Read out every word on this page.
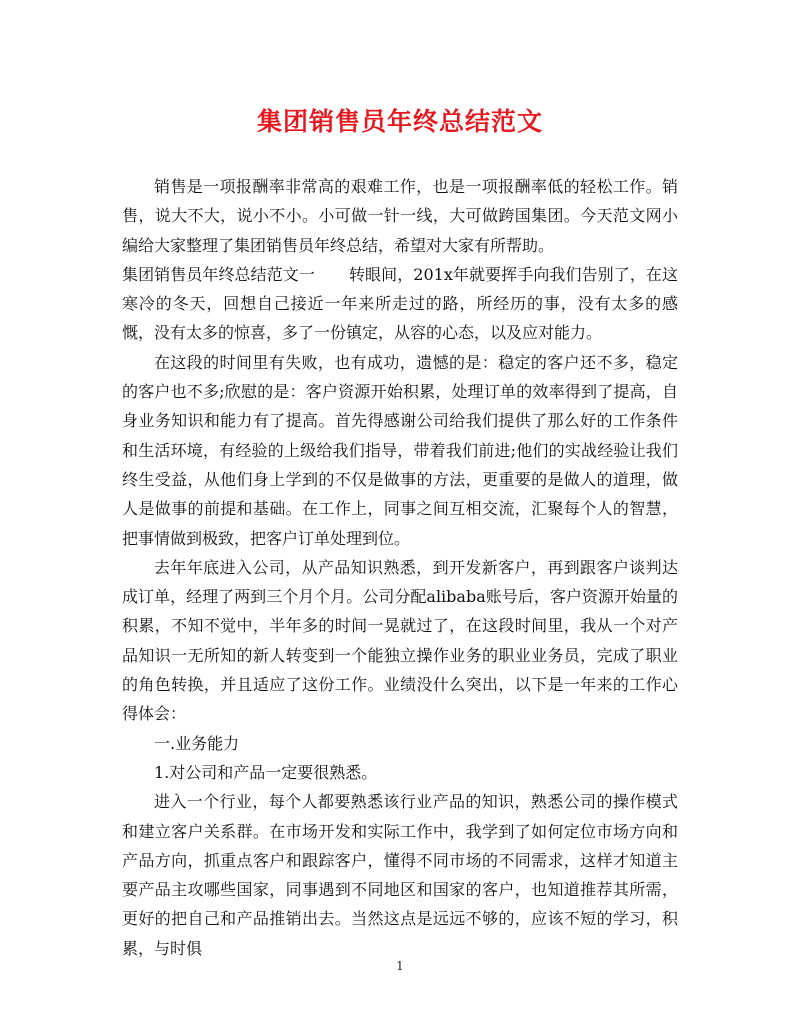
集团销售员年终总结范文

销售是一项报酬率非常高的艰难工作，也是一项报酬率低的轻松工作。销售，说大不大，说小不小。小可做一针一线，大可做跨国集团。今天范文网小编给大家整理了集团销售员年终总结，希望对大家有所帮助。

集团销售员年终总结范文一 转眼间，201x年就要挥手向我们告别了，在这寒冷的冬天，回想自己接近一年来所走过的路，所经历的事，没有太多的感慨，没有太多的惊喜，多了一份镇定，从容的心态，以及应对能力。

在这段的时间里有失败，也有成功，遗憾的是：稳定的客户还不多，稳定的客户也不多;欣慰的是：客户资源开始积累，处理订单的效率得到了提高，自身业务知识和能力有了提高。首先得感谢公司给我们提供了那么好的工作条件和生活环境，有经验的上级给我们指导，带着我们前进;他们的实战经验让我们终生受益，从他们身上学到的不仅是做事的方法，更重要的是做人的道理，做人是做事的前提和基础。在工作上，同事之间互相交流，汇聚每个人的智慧，把事情做到极致，把客户订单处理到位。

去年年底进入公司，从产品知识熟悉，到开发新客户，再到跟客户谈判达成订单，经理了两到三个月个月。公司分配alibaba账号后，客户资源开始量的积累，不知不觉中，半年多的时间一晃就过了，在这段时间里，我从一个对产品知识一无所知的新人转变到一个能独立操作业务的职业业务员，完成了职业的角色转换，并且适应了这份工作。业绩没什么突出，以下是一年来的工作心得体会：

一.业务能力

1.对公司和产品一定要很熟悉。

进入一个行业，每个人都要熟悉该行业产品的知识，熟悉公司的操作模式和建立客户关系群。在市场开发和实际工作中，我学到了如何定位市场方向和产品方向，抓重点客户和跟踪客户，懂得不同市场的不同需求，这样才知道主要产品主攻哪些国家，同事遇到不同地区和国家的客户，也知道推荐其所需，更好的把自己和产品推销出去。当然这点是远远不够的，应该不短的学习，积累，与时俱

1
